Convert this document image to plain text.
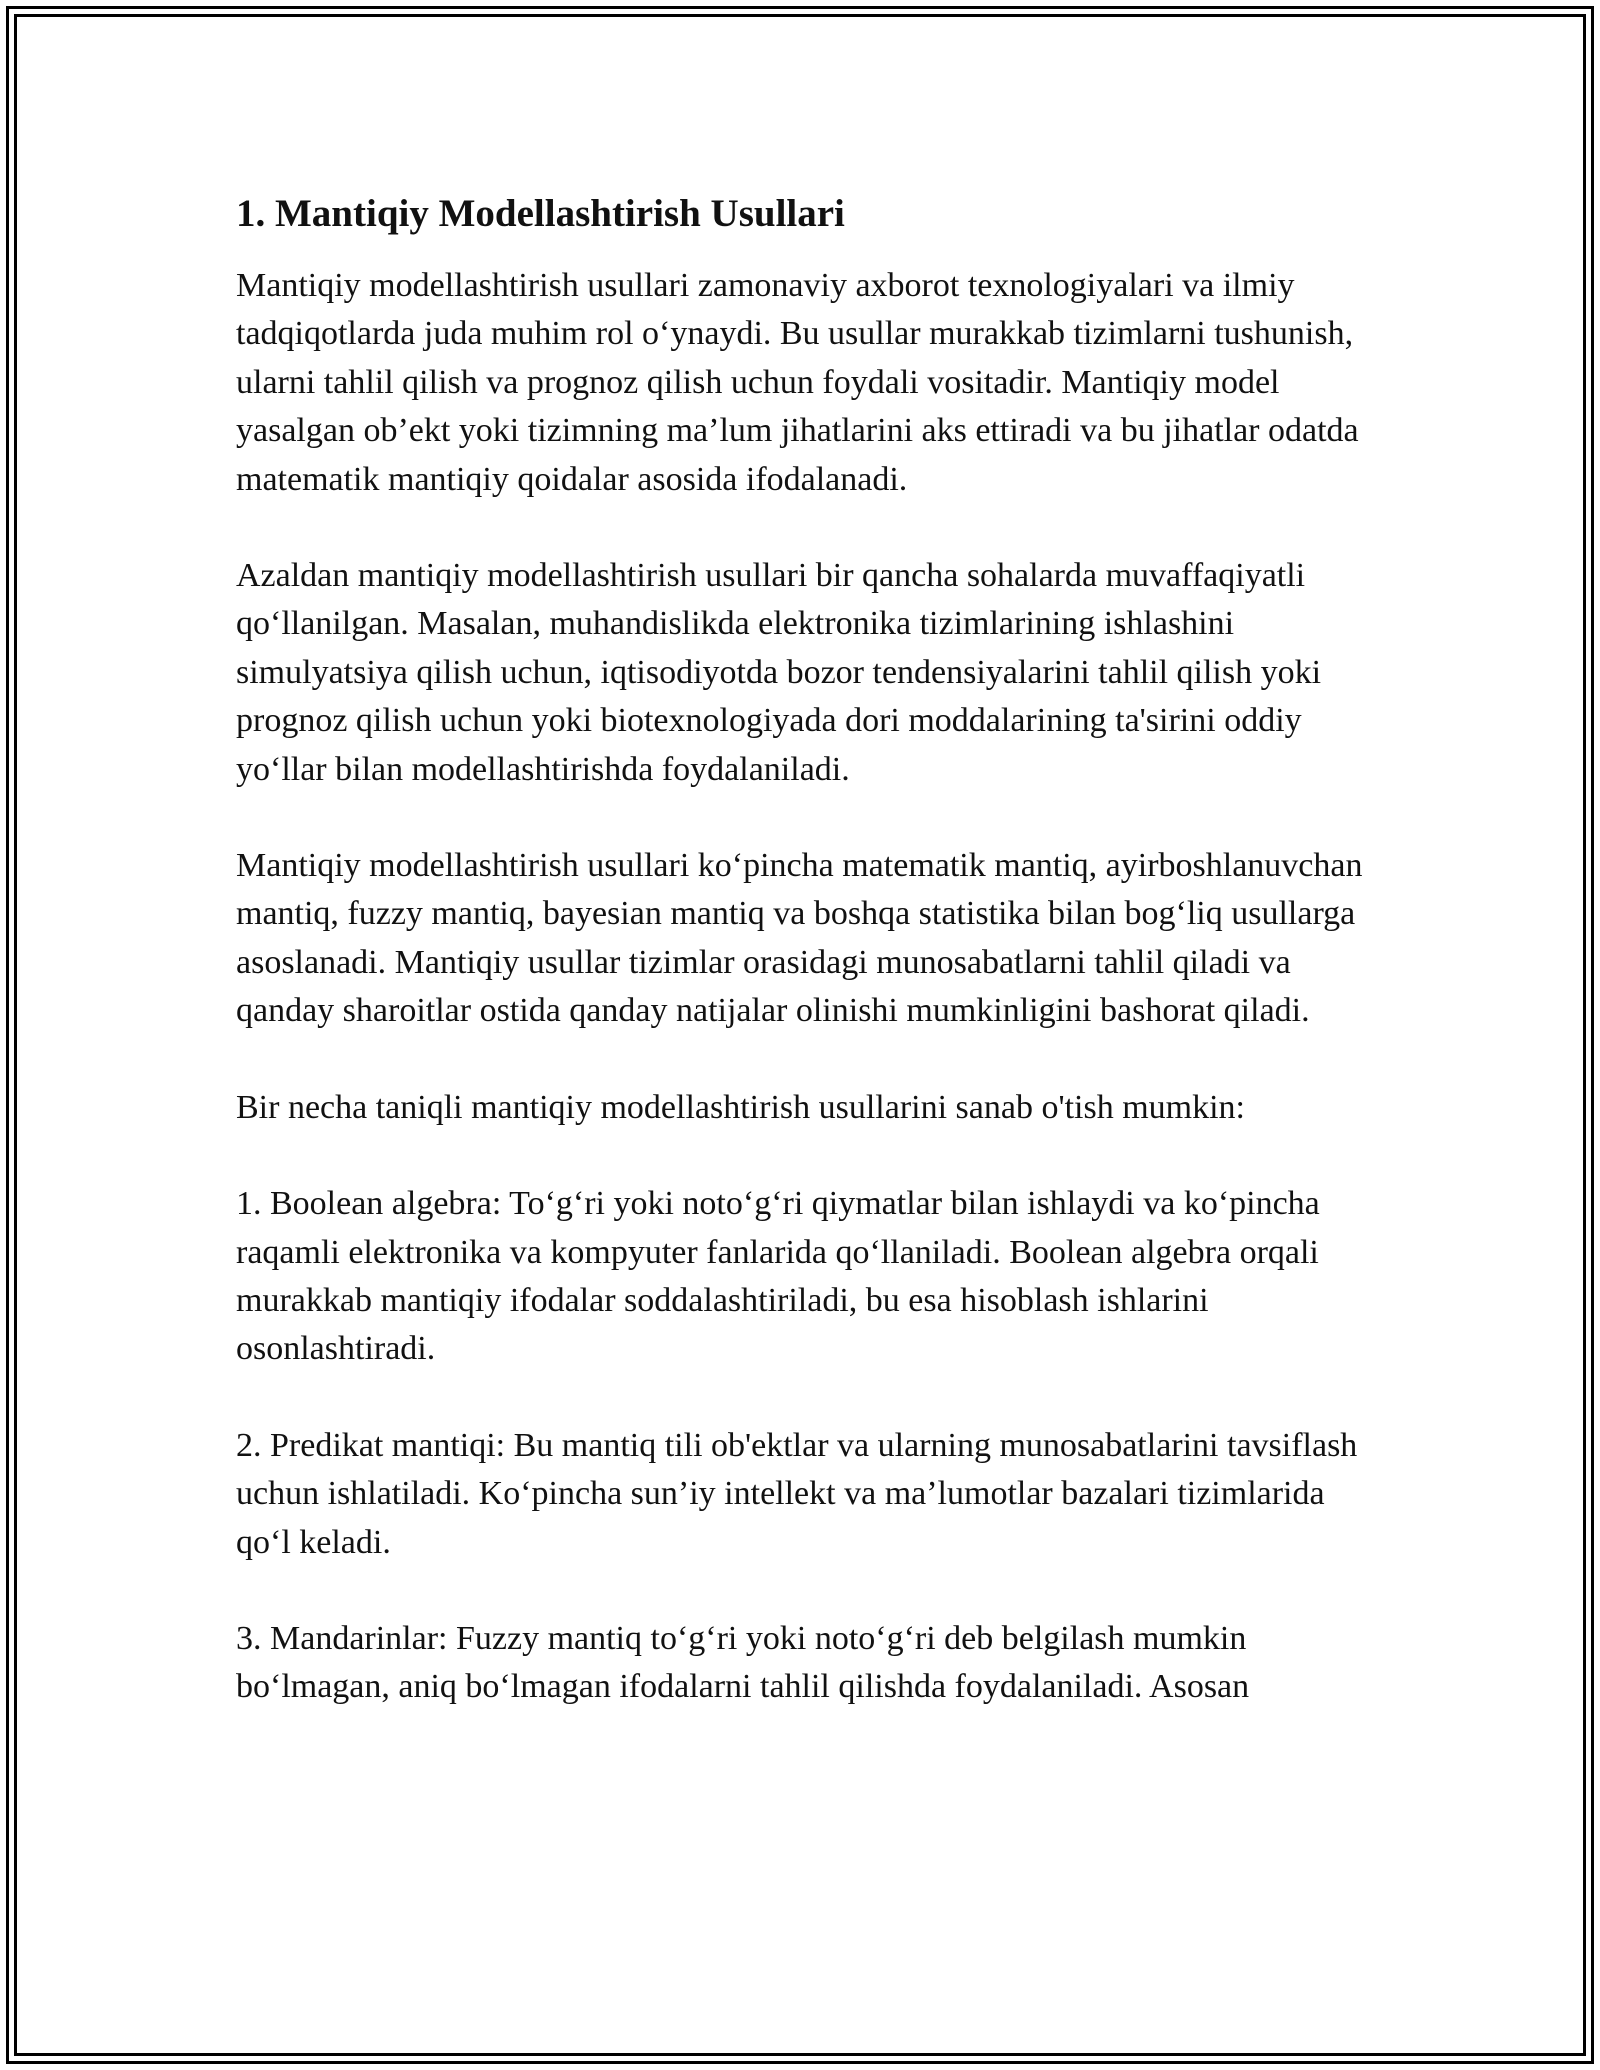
1. Mantiqiy Modellashtirish Usullari

Mantiqiy modellashtirish usullari zamonaviy axborot texnologiyalari va ilmiy tadqiqotlarda juda muhim rol o‘ynaydi. Bu usullar murakkab tizimlarni tushunish, ularni tahlil qilish va prognoz qilish uchun foydali vositadir. Mantiqiy model yasalgan ob’ekt yoki tizimning ma’lum jihatlarini aks ettiradi va bu jihatlar odatda matematik mantiqiy qoidalar asosida ifodalanadi.

Azaldan mantiqiy modellashtirish usullari bir qancha sohalarda muvaffaqiyatli qo‘llanilgan. Masalan, muhandislikda elektronika tizimlarining ishlashini simulyatsiya qilish uchun, iqtisodiyotda bozor tendensiyalarini tahlil qilish yoki prognoz qilish uchun yoki biotexnologiyada dori moddalarining ta'sirini oddiy yo‘llar bilan modellashtirishda foydalaniladi.

Mantiqiy modellashtirish usullari ko‘pincha matematik mantiq, ayirboshlanuvchan mantiq, fuzzy mantiq, bayesian mantiq va boshqa statistika bilan bog‘liq usullarga asoslanadi. Mantiqiy usullar tizimlar orasidagi munosabatlarni tahlil qiladi va qanday sharoitlar ostida qanday natijalar olinishi mumkinligini bashorat qiladi.

Bir necha taniqli mantiqiy modellashtirish usullarini sanab o'tish mumkin:

1. Boolean algebra: To‘g‘ri yoki noto‘g‘ri qiymatlar bilan ishlaydi va ko‘pincha raqamli elektronika va kompyuter fanlarida qo‘llaniladi. Boolean algebra orqali murakkab mantiqiy ifodalar soddalashtiriladi, bu esa hisoblash ishlarini osonlashtiradi.

2. Predikat mantiqi: Bu mantiq tili ob'ektlar va ularning munosabatlarini tavsiflash uchun ishlatiladi. Ko‘pincha sun’iy intellekt va ma’lumotlar bazalari tizimlarida qo‘l keladi.

3. Mandarinlar: Fuzzy mantiq to‘g‘ri yoki noto‘g‘ri deb belgilash mumkin bo‘lmagan, aniq bo‘lmagan ifodalarni tahlil qilishda foydalaniladi. Asosan
